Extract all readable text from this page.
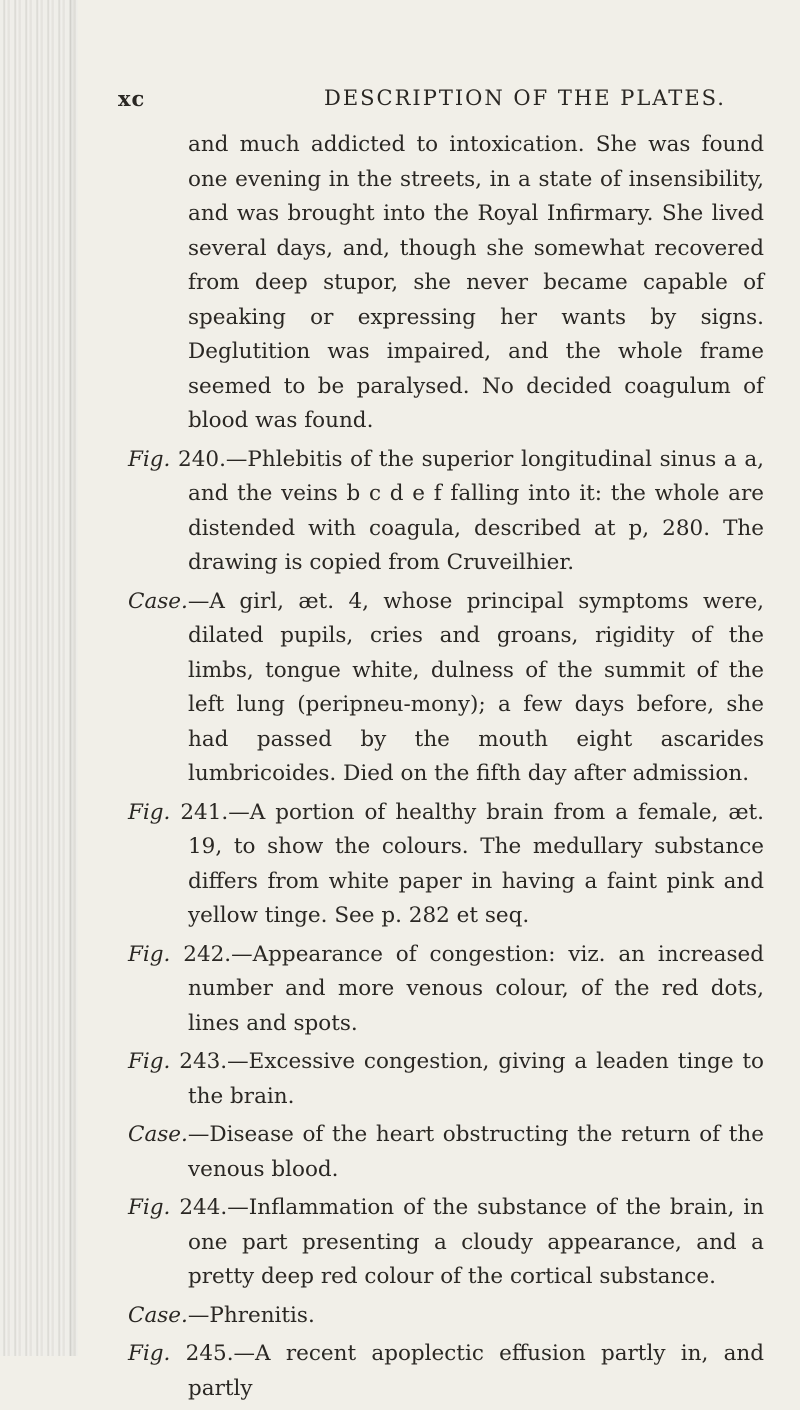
xc	DESCRIPTION OF THE PLATES.

and much addicted to intoxication. She was found one evening in the streets, in a state of insensibility, and was brought into the Royal Infirmary. She lived several days, and, though she somewhat recovered from deep stupor, she never became capable of speaking or expressing her wants by signs. Deglutition was impaired, and the whole frame seemed to be paralysed. No decided coagulum of blood was found.

Fig. 240.—Phlebitis of the superior longitudinal sinus a a, and the veins b c d e f falling into it: the whole are distended with coagula, described at p, 280. The drawing is copied from Cruveilhier.

Case.—A girl, æt. 4, whose principal symptoms were, dilated pupils, cries and groans, rigidity of the limbs, tongue white, dulness of the summit of the left lung (peripneu-mony); a few days before, she had passed by the mouth eight ascarides lumbricoides. Died on the fifth day after admission.

Fig. 241.—A portion of healthy brain from a female, æt. 19, to show the colours. The medullary substance differs from white paper in having a faint pink and yellow tinge. See p. 282 et seq.

Fig. 242.—Appearance of congestion: viz. an increased number and more venous colour, of the red dots, lines and spots.

Fig. 243.—Excessive congestion, giving a leaden tinge to the brain.

Case.—Disease of the heart obstructing the return of the venous blood.

Fig. 244.—Inflammation of the substance of the brain, in one part presenting a cloudy appearance, and a pretty deep red colour of the cortical substance.

Case.—Phrenitis.

Fig. 245.—A recent apoplectic effusion partly in, and partly
